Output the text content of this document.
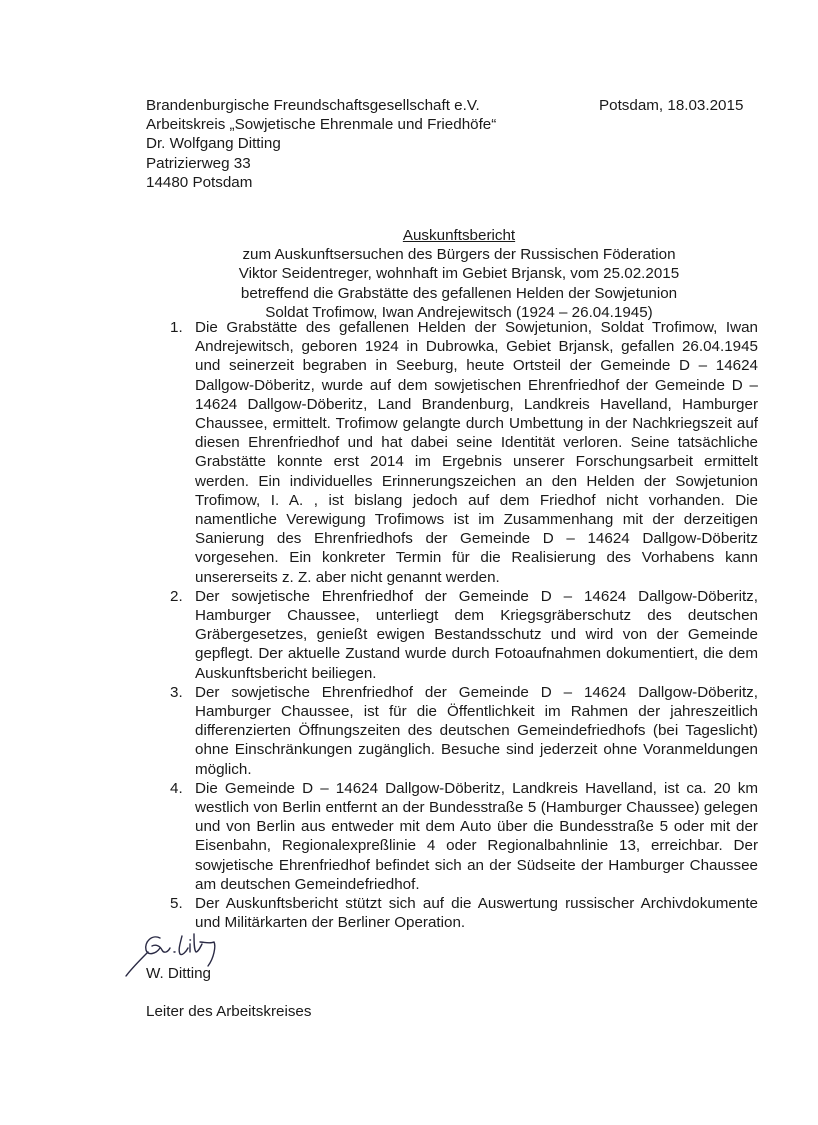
Brandenburgische Freundschaftsgesellschaft e.V.
Arbeitskreis „Sowjetische Ehrenmale und Friedhöfe“
Dr. Wolfgang Ditting
Patrizierweg 33
14480 Potsdam
Potsdam, 18.03.2015
Auskunftsbericht
zum Auskunftsersuchen des Bürgers der Russischen Föderation
Viktor Seidentreger, wohnhaft im Gebiet Brjansk, vom 25.02.2015
betreffend die Grabstätte des gefallenen Helden der Sowjetunion
Soldat Trofimow, Iwan Andrejewitsch (1924 – 26.04.1945)
1. Die Grabstätte des gefallenen Helden der Sowjetunion, Soldat Trofimow, Iwan Andrejewitsch, geboren 1924 in Dubrowka, Gebiet Brjansk, gefallen 26.04.1945 und seinerzeit begraben in Seeburg, heute Ortsteil der Gemeinde D – 14624 Dallgow-Döberitz, wurde auf dem sowjetischen Ehrenfriedhof der Gemeinde D – 14624 Dallgow-Döberitz, Land Brandenburg, Landkreis Havelland, Hamburger Chaussee, ermittelt. Trofimow gelangte durch Umbettung in der Nachkriegszeit auf diesen Ehrenfriedhof und hat dabei seine Identität verloren. Seine tatsächliche Grabstätte konnte erst 2014 im Ergebnis unserer Forschungsarbeit ermittelt werden. Ein individuelles Erinnerungszeichen an den Helden der Sowjetunion Trofimow, I. A. , ist bislang jedoch auf dem Friedhof nicht vorhanden. Die namentliche Verewigung Trofimows ist im Zusammenhang mit der derzeitigen Sanierung des Ehrenfriedhofs der Gemeinde D – 14624 Dallgow-Döberitz vorgesehen. Ein konkreter Termin für die Realisierung des Vorhabens kann unsererseits z. Z. aber nicht genannt werden.
2. Der sowjetische Ehrenfriedhof der Gemeinde D – 14624 Dallgow-Döberitz, Hamburger Chaussee, unterliegt dem Kriegsgräberschutz des deutschen Gräbergesetzes, genießt ewigen Bestandsschutz und wird von der Gemeinde gepflegt. Der aktuelle Zustand wurde durch Fotoaufnahmen dokumentiert, die dem Auskunftsbericht beiliegen.
3. Der sowjetische Ehrenfriedhof der Gemeinde D – 14624 Dallgow-Döberitz, Hamburger Chaussee, ist für die Öffentlichkeit im Rahmen der jahreszeitlich differenzierten Öffnungszeiten des deutschen Gemeindefriedhofs (bei Tageslicht) ohne Einschränkungen zugänglich. Besuche sind jederzeit ohne Voranmeldungen möglich.
4. Die Gemeinde D – 14624 Dallgow-Döberitz, Landkreis Havelland, ist ca. 20 km westlich von Berlin entfernt an der Bundesstraße 5 (Hamburger Chaussee) gelegen und von Berlin aus entweder mit dem Auto über die Bundesstraße 5 oder mit der Eisenbahn, Regionalexpreßlinie 4 oder Regionalbahnlinie 13, erreichbar. Der sowjetische Ehrenfriedhof befindet sich an der Südseite der Hamburger Chaussee am deutschen Gemeindefriedhof.
5. Der Auskunftsbericht stützt sich auf die Auswertung russischer Archivdokumente und Militärkarten der Berliner Operation.
W. Ditting
Leiter des Arbeitskreises
